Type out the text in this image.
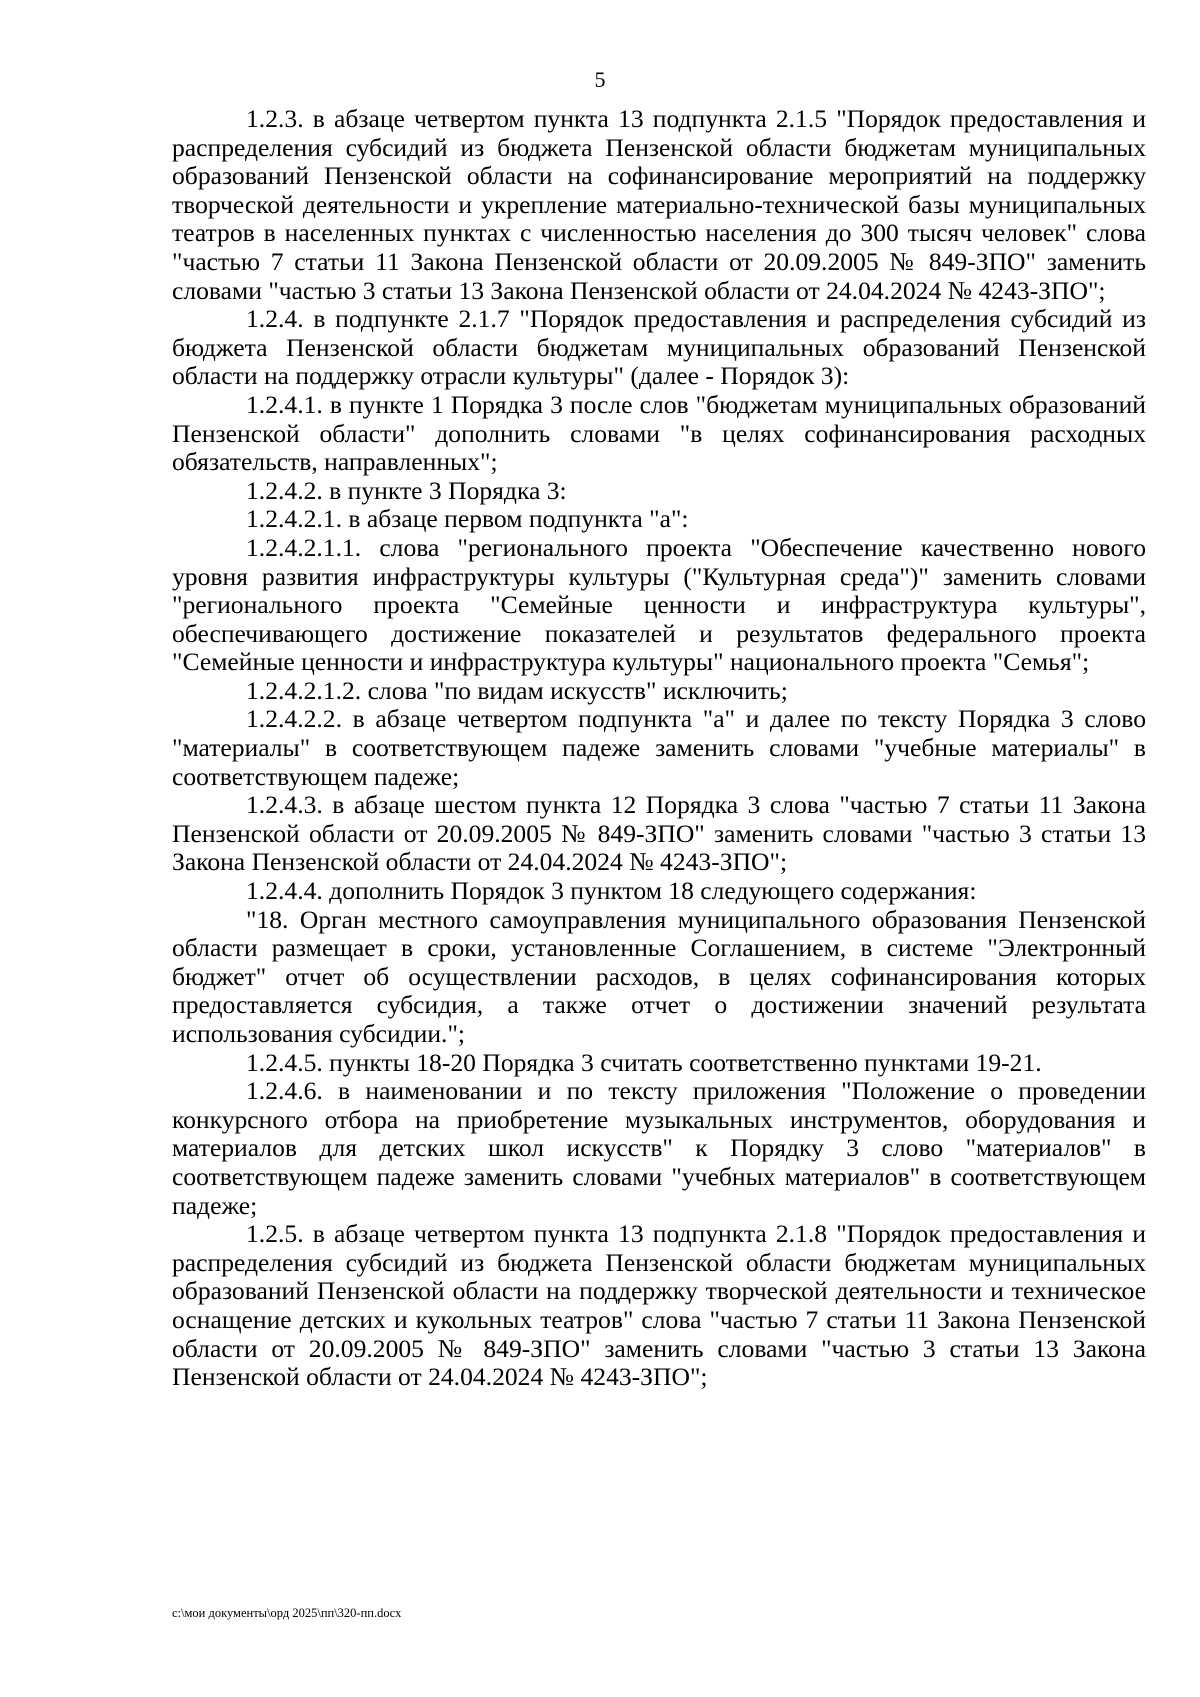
5

1.2.3. в абзаце четвертом пункта 13 подпункта 2.1.5 "Порядок предоставления и распределения субсидий из бюджета Пензенской области бюджетам муниципальных образований Пензенской области на софинансирование мероприятий на поддержку творческой деятельности и укрепление материально-технической базы муниципальных театров в населенных пунктах с численностью населения до 300 тысяч человек" слова "частью 7 статьи 11 Закона Пензенской области от 20.09.2005 № 849-ЗПО" заменить словами "частью 3 статьи 13 Закона Пензенской области от 24.04.2024 № 4243-ЗПО";

1.2.4. в подпункте 2.1.7 "Порядок предоставления и распределения субсидий из бюджета Пензенской области бюджетам муниципальных образований Пензенской области на поддержку отрасли культуры" (далее - Порядок 3):

1.2.4.1. в пункте 1 Порядка 3 после слов "бюджетам муниципальных образований Пензенской области" дополнить словами "в целях софинансирования расходных обязательств, направленных";

1.2.4.2. в пункте 3 Порядка 3:

1.2.4.2.1. в абзаце первом подпункта "а":

1.2.4.2.1.1. слова "регионального проекта "Обеспечение качественно нового уровня развития инфраструктуры культуры ("Культурная среда")" заменить словами "регионального проекта "Семейные ценности и инфраструктура культуры", обеспечивающего достижение показателей и результатов федерального проекта "Семейные ценности и инфраструктура культуры" национального проекта "Семья";

1.2.4.2.1.2. слова "по видам искусств" исключить;

1.2.4.2.2. в абзаце четвертом подпункта "а" и далее по тексту Порядка 3 слово "материалы" в соответствующем падеже заменить словами "учебные материалы" в соответствующем падеже;

1.2.4.3. в абзаце шестом пункта 12 Порядка 3 слова "частью 7 статьи 11 Закона Пензенской области от 20.09.2005 № 849-ЗПО" заменить словами "частью 3 статьи 13 Закона Пензенской области от 24.04.2024 № 4243-ЗПО";

1.2.4.4. дополнить Порядок 3 пунктом 18 следующего содержания:

"18. Орган местного самоуправления муниципального образования Пензенской области размещает в сроки, установленные Соглашением, в системе "Электронный бюджет" отчет об осуществлении расходов, в целях софинансирования которых предоставляется субсидия, а также отчет о достижении значений результата использования субсидии.";

1.2.4.5. пункты 18-20 Порядка 3 считать соответственно пунктами 19-21.

1.2.4.6. в наименовании и по тексту приложения "Положение о проведении конкурсного отбора на приобретение музыкальных инструментов, оборудования и материалов для детских школ искусств" к Порядку 3 слово "материалов" в соответствующем падеже заменить словами "учебных материалов" в соответствующем падеже;

1.2.5. в абзаце четвертом пункта 13 подпункта 2.1.8 "Порядок предоставления и распределения субсидий из бюджета Пензенской области бюджетам муниципальных образований Пензенской области на поддержку творческой деятельности и техническое оснащение детских и кукольных театров" слова "частью 7 статьи 11 Закона Пензенской области от 20.09.2005 № 849-ЗПО" заменить словами "частью 3 статьи 13 Закона Пензенской области от 24.04.2024 № 4243-ЗПО";

c:\мои документы\орд 2025\пп\320-пп.docx
